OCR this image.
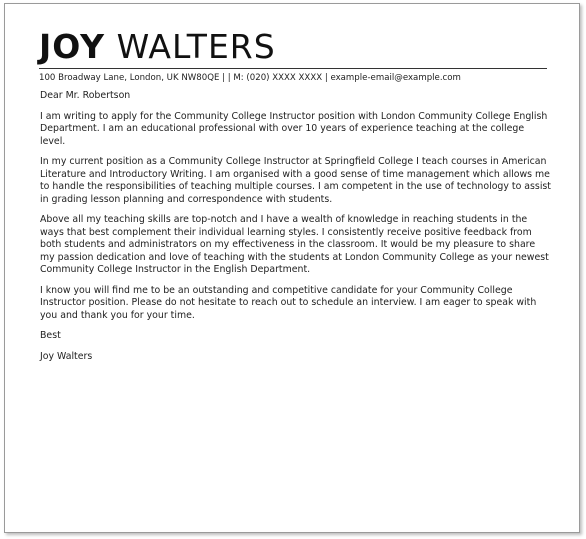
JOY WALTERS
100 Broadway Lane, London, UK NW80QE | | M: (020) XXXX XXXX | example-email@example.com

Dear Mr. Robertson

I am writing to apply for the Community College Instructor position with London Community College English Department. I am an educational professional with over 10 years of experience teaching at the college level.

In my current position as a Community College Instructor at Springfield College I teach courses in American Literature and Introductory Writing. I am organised with a good sense of time management which allows me to handle the responsibilities of teaching multiple courses. I am competent in the use of technology to assist in grading lesson planning and correspondence with students.

Above all my teaching skills are top-notch and I have a wealth of knowledge in reaching students in the ways that best complement their individual learning styles. I consistently receive positive feedback from both students and administrators on my effectiveness in the classroom. It would be my pleasure to share my passion dedication and love of teaching with the students at London Community College as your newest Community College Instructor in the English Department.

I know you will find me to be an outstanding and competitive candidate for your Community College Instructor position. Please do not hesitate to reach out to schedule an interview. I am eager to speak with you and thank you for your time.

Best

Joy Walters
